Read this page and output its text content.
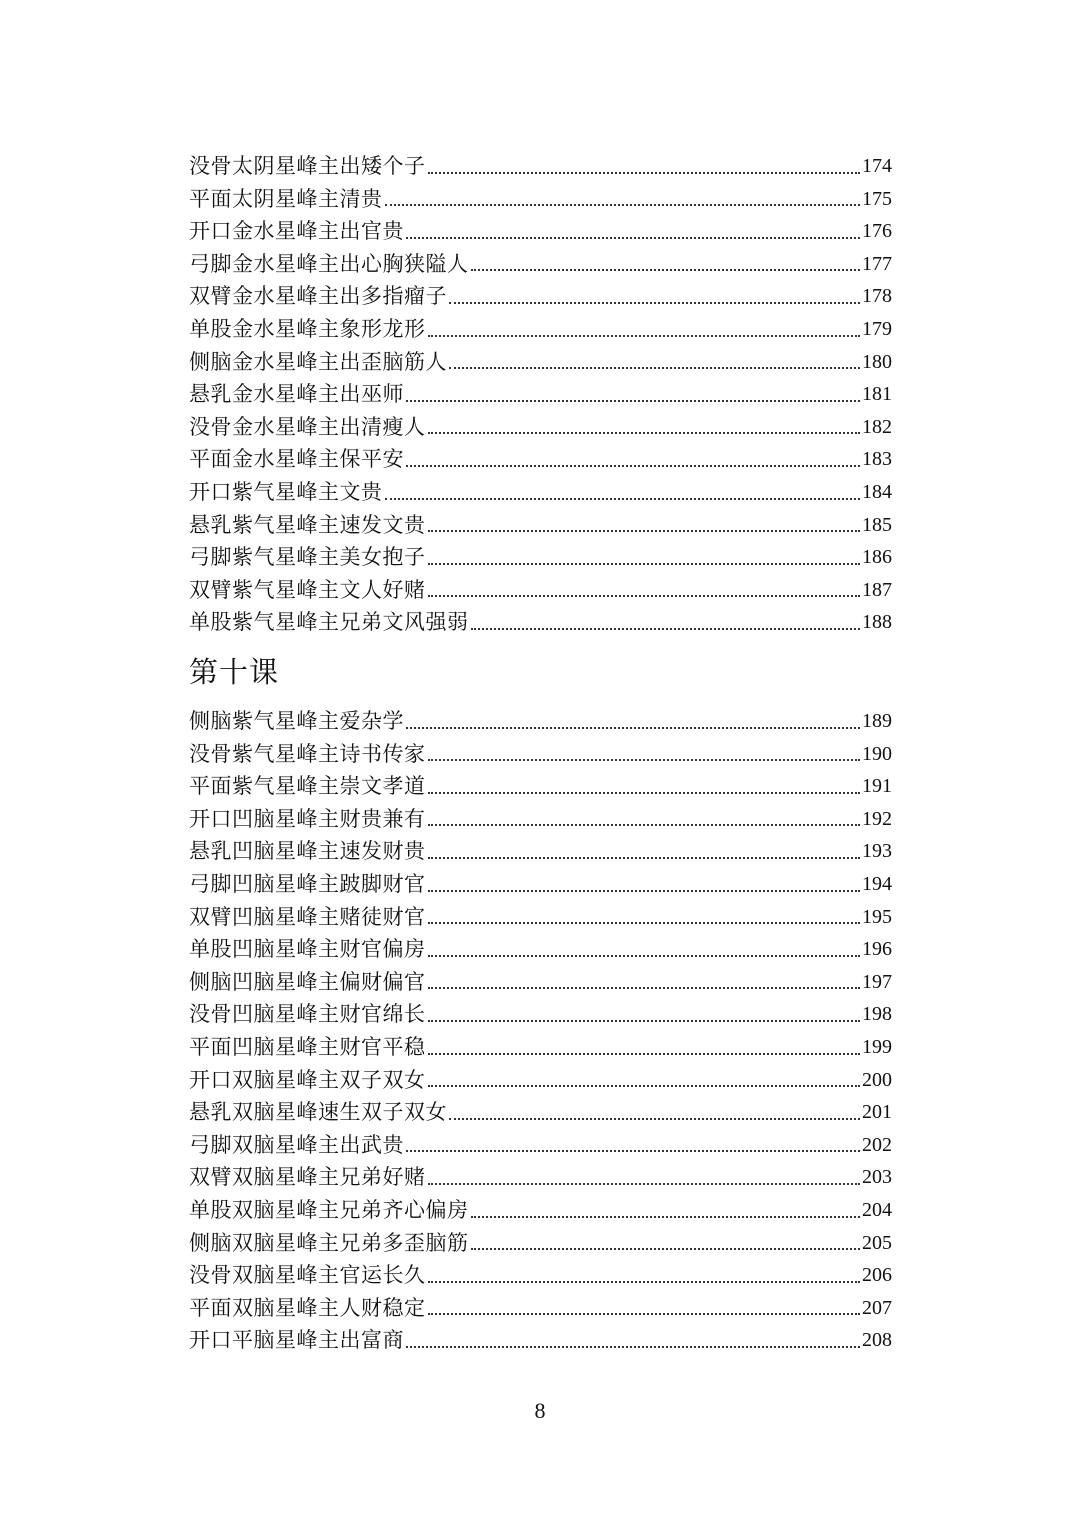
没骨太阴星峰主出矮个子	174
平面太阴星峰主清贵	175
开口金水星峰主出官贵	176
弓脚金水星峰主出心胸狭隘人	177
双臂金水星峰主出多指瘤子	178
单股金水星峰主象形龙形	179
侧脑金水星峰主出歪脑筋人	180
悬乳金水星峰主出巫师	181
没骨金水星峰主出清瘦人	182
平面金水星峰主保平安	183
开口紫气星峰主文贵	184
悬乳紫气星峰主速发文贵	185
弓脚紫气星峰主美女抱子	186
双臂紫气星峰主文人好赌	187
单股紫气星峰主兄弟文风强弱	188
第十课
侧脑紫气星峰主爱杂学	189
没骨紫气星峰主诗书传家	190
平面紫气星峰主崇文孝道	191
开口凹脑星峰主财贵兼有	192
悬乳凹脑星峰主速发财贵	193
弓脚凹脑星峰主跛脚财官	194
双臂凹脑星峰主赌徒财官	195
单股凹脑星峰主财官偏房	196
侧脑凹脑星峰主偏财偏官	197
没骨凹脑星峰主财官绵长	198
平面凹脑星峰主财官平稳	199
开口双脑星峰主双子双女	200
悬乳双脑星峰速生双子双女	201
弓脚双脑星峰主出武贵	202
双臂双脑星峰主兄弟好赌	203
单股双脑星峰主兄弟齐心偏房	204
侧脑双脑星峰主兄弟多歪脑筋	205
没骨双脑星峰主官运长久	206
平面双脑星峰主人财稳定	207
开口平脑星峰主出富商	208
8
